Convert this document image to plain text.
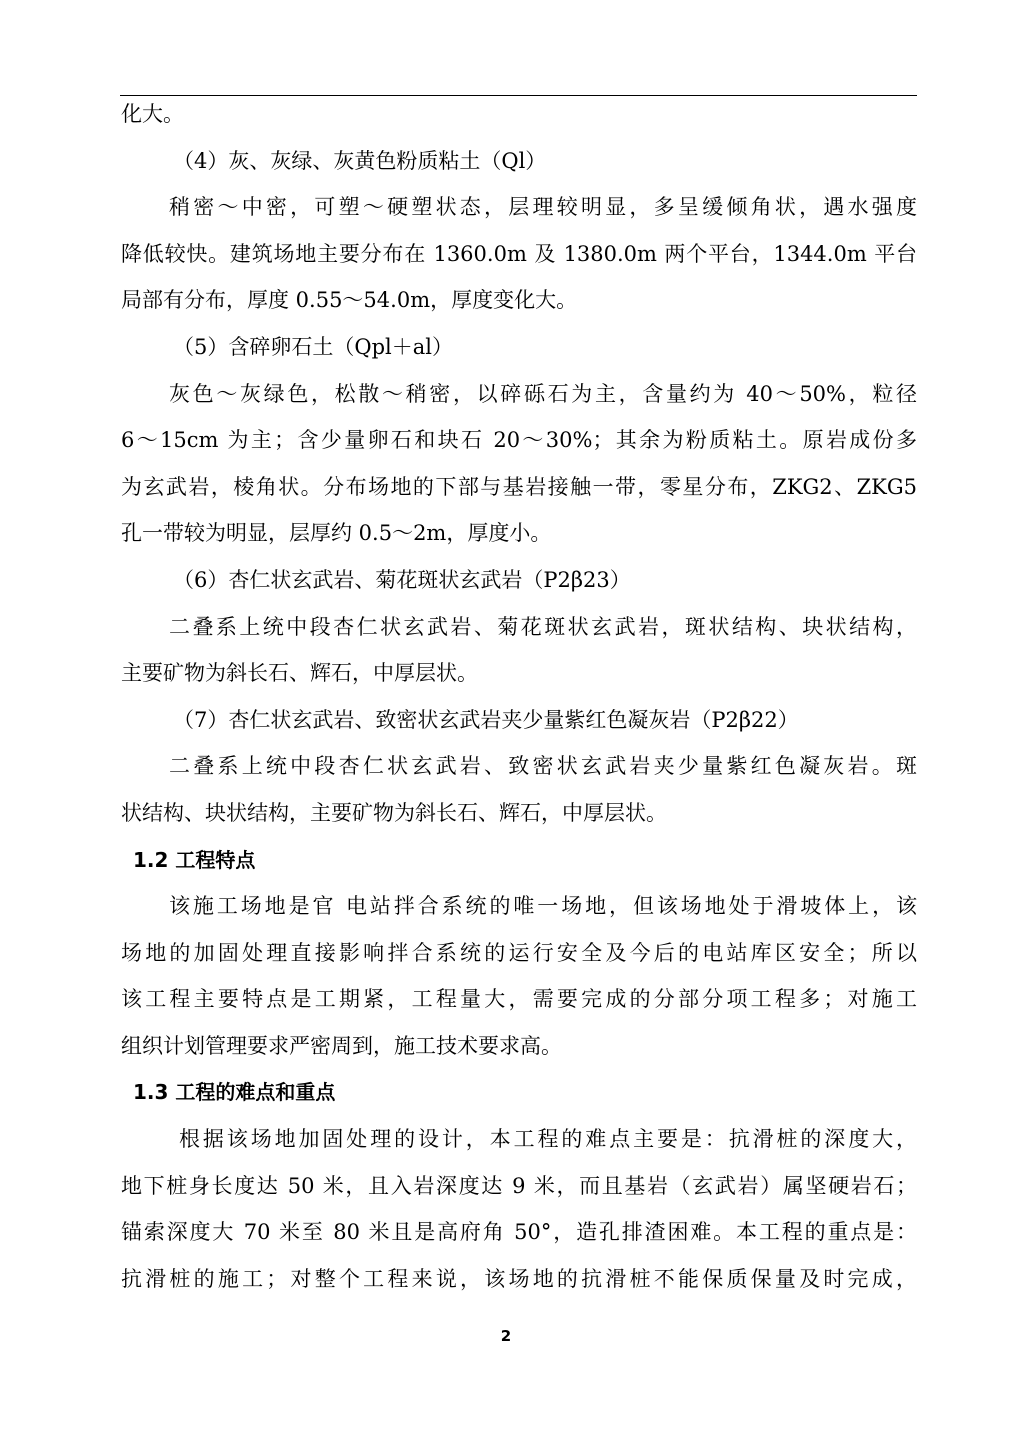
化大。
（4）灰、灰绿、灰黄色粉质粘土（Ql）
稍密～中密，可塑～硬塑状态，层理较明显，多呈缓倾角状，遇水强度
降低较快。建筑场地主要分布在 1360.0m 及 1380.0m 两个平台，1344.0m 平台
局部有分布，厚度 0.55～54.0m，厚度变化大。
（5）含碎卵石土（Qpl＋al）
灰色～灰绿色，松散～稍密，以碎砾石为主，含量约为 40～50%，粒径
6～15cm 为主；含少量卵石和块石 20～30%；其余为粉质粘土。原岩成份多
为玄武岩，棱角状。分布场地的下部与基岩接触一带，零星分布，ZKG2、ZKG5
孔一带较为明显，层厚约 0.5～2m，厚度小。
（6）杏仁状玄武岩、菊花斑状玄武岩（P2β23）
二叠系上统中段杏仁状玄武岩、菊花斑状玄武岩，斑状结构、块状结构，
主要矿物为斜长石、辉石，中厚层状。
（7）杏仁状玄武岩、致密状玄武岩夹少量紫红色凝灰岩（P2β22）
二叠系上统中段杏仁状玄武岩、致密状玄武岩夹少量紫红色凝灰岩。斑
状结构、块状结构，主要矿物为斜长石、辉石，中厚层状。
1.2 工程特点
该施工场地是官 电站拌合系统的唯一场地，但该场地处于滑坡体上，该
场地的加固处理直接影响拌合系统的运行安全及今后的电站库区安全；所以
该工程主要特点是工期紧，工程量大，需要完成的分部分项工程多；对施工
组织计划管理要求严密周到，施工技术要求高。
1.3 工程的难点和重点
根据该场地加固处理的设计，本工程的难点主要是：抗滑桩的深度大，
地下桩身长度达 50 米，且入岩深度达 9 米，而且基岩（玄武岩）属坚硬岩石；
锚索深度大 70 米至 80 米且是高府角 50°，造孔排渣困难。本工程的重点是：
抗滑桩的施工；对整个工程来说，该场地的抗滑桩不能保质保量及时完成，
2
